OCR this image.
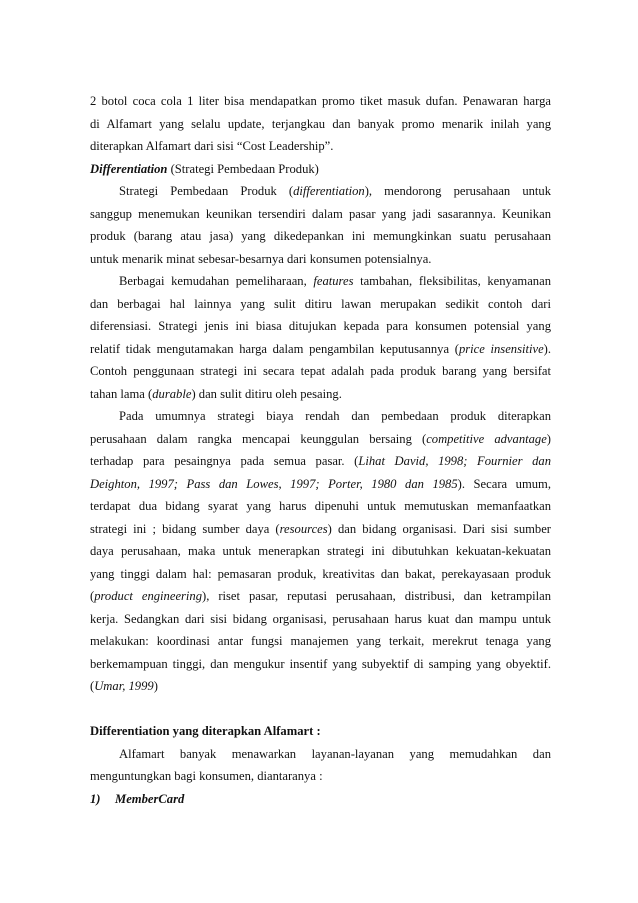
2 botol coca cola 1 liter bisa mendapatkan promo tiket masuk dufan. Penawaran harga

di Alfamart yang selalu update, terjangkau dan banyak promo menarik inilah yang

diterapkan Alfamart dari sisi “Cost Leadership”.

Differentiation (Strategi Pembedaan Produk)

Strategi Pembedaan Produk (differentiation), mendorong perusahaan untuk

sanggup menemukan keunikan tersendiri dalam pasar yang jadi sasarannya. Keunikan

produk (barang atau jasa) yang dikedepankan ini memungkinkan suatu perusahaan

untuk menarik minat sebesar-besarnya dari konsumen potensialnya.

Berbagai kemudahan pemeliharaan, features tambahan, fleksibilitas, kenyamanan

dan berbagai hal lainnya yang sulit ditiru lawan merupakan sedikit contoh dari

diferensiasi. Strategi jenis ini biasa ditujukan kepada para konsumen potensial yang

relatif tidak mengutamakan harga dalam pengambilan keputusannya (price insensitive).

Contoh penggunaan strategi ini secara tepat adalah pada produk barang yang bersifat

tahan lama (durable) dan sulit ditiru oleh pesaing.

Pada umumnya strategi biaya rendah dan pembedaan produk diterapkan

perusahaan dalam rangka mencapai keunggulan bersaing (competitive advantage)

terhadap para pesaingnya pada semua pasar. (Lihat David, 1998; Fournier dan

Deighton, 1997; Pass dan Lowes, 1997; Porter, 1980 dan 1985). Secara umum,

terdapat dua bidang syarat yang harus dipenuhi untuk memutuskan memanfaatkan

strategi ini ; bidang sumber daya (resources) dan bidang organisasi. Dari sisi sumber

daya perusahaan, maka untuk menerapkan strategi ini dibutuhkan kekuatan-kekuatan

yang tinggi dalam hal: pemasaran produk, kreativitas dan bakat, perekayasaan produk

(product engineering), riset pasar, reputasi perusahaan, distribusi, dan ketrampilan

kerja. Sedangkan dari sisi bidang organisasi, perusahaan harus kuat dan mampu untuk

melakukan: koordinasi antar fungsi manajemen yang terkait, merekrut tenaga yang

berkemampuan tinggi, dan mengukur insentif yang subyektif di samping yang obyektif.

(Umar, 1999)

Differentiation yang diterapkan Alfamart :

Alfamart banyak menawarkan layanan-layanan yang memudahkan dan

menguntungkan bagi konsumen, diantaranya :

1) MemberCard
